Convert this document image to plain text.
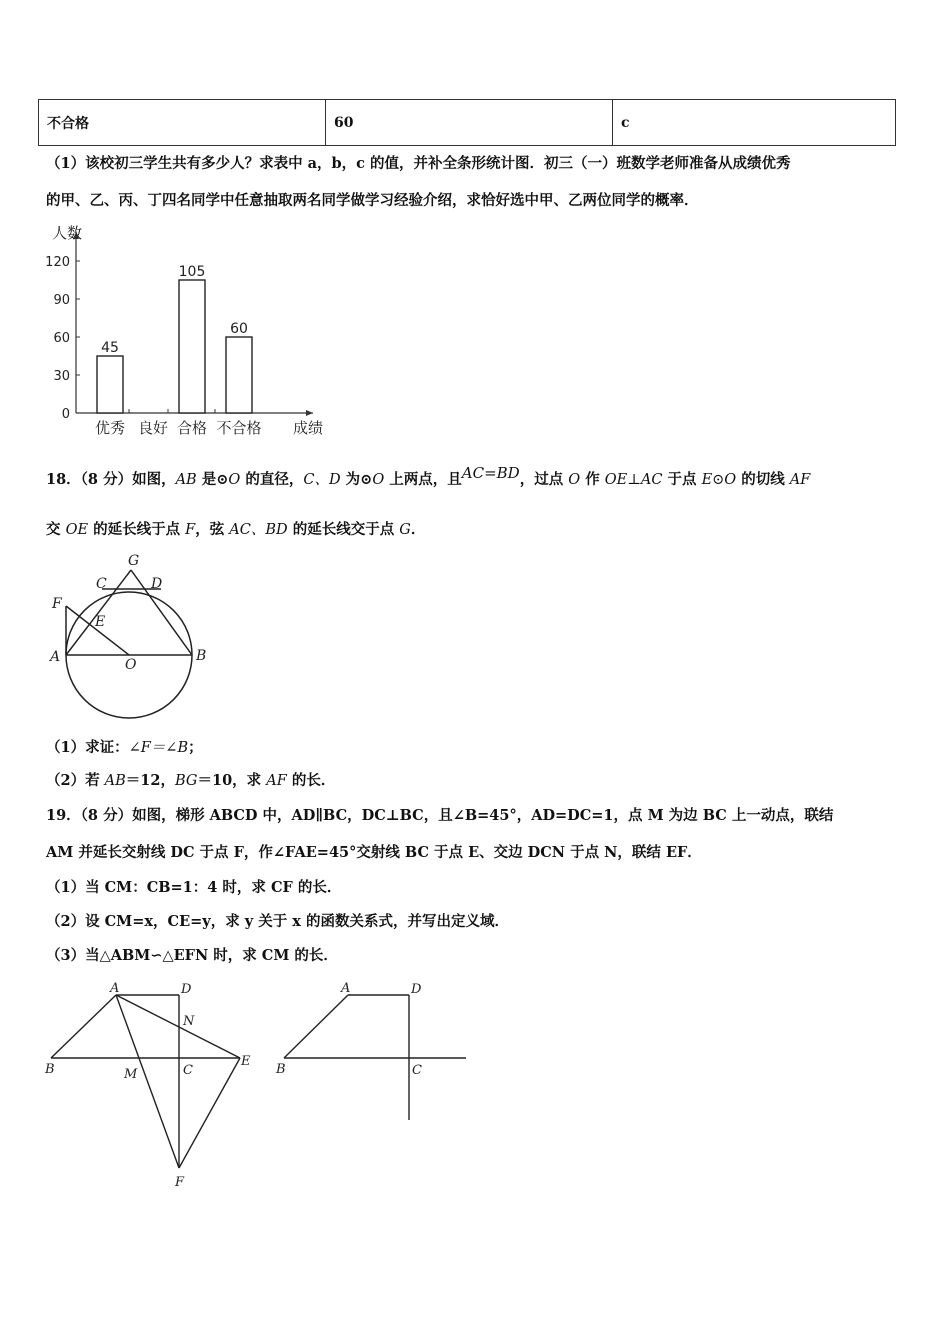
不合格	60	c
（1）该校初三学生共有多少人？求表中 a，b，c 的值，并补全条形统计图．初三（一）班数学老师准备从成绩优秀
的甲、乙、丙、丁四名同学中任意抽取两名同学做学习经验介绍，求恰好选中甲、乙两位同学的概率．
0
30
60
90
120
人数
成绩
优秀
45
良好 合格
105
不合格
60
18．（8 分）如图，AB 是⊙O 的直径，C、D 为⊙O 上两点，且AC=BD，过点 O 作 OE⊥AC 于点 E⊙O 的切线 AF
交 OE 的延长线于点 F，弦 AC、BD 的延长线交于点 G．
G
C	D
F
E
A	O
B
（1）求证：∠F＝∠B；
（2）若 AB＝12，BG＝10，求 AF 的长．
19．（8 分）如图，梯形 ABCD 中，AD∥BC，DC⊥BC，且∠B=45°，AD=DC=1，点 M 为边 BC 上一动点，联结
AM 并延长交射线 DC 于点 F，作∠FAE=45°交射线 BC 于点 E、交边 DCN 于点 N，联结 EF．
（1）当 CM：CB=1：4 时，求 CF 的长．
（2）设 CM=x，CE=y，求 y 关于 x 的函数关系式，并写出定义域．
（3）当△ABM∽△EFN 时，求 CM 的长．
A	D
N
B	M	C
E
F
A	D
B	C
